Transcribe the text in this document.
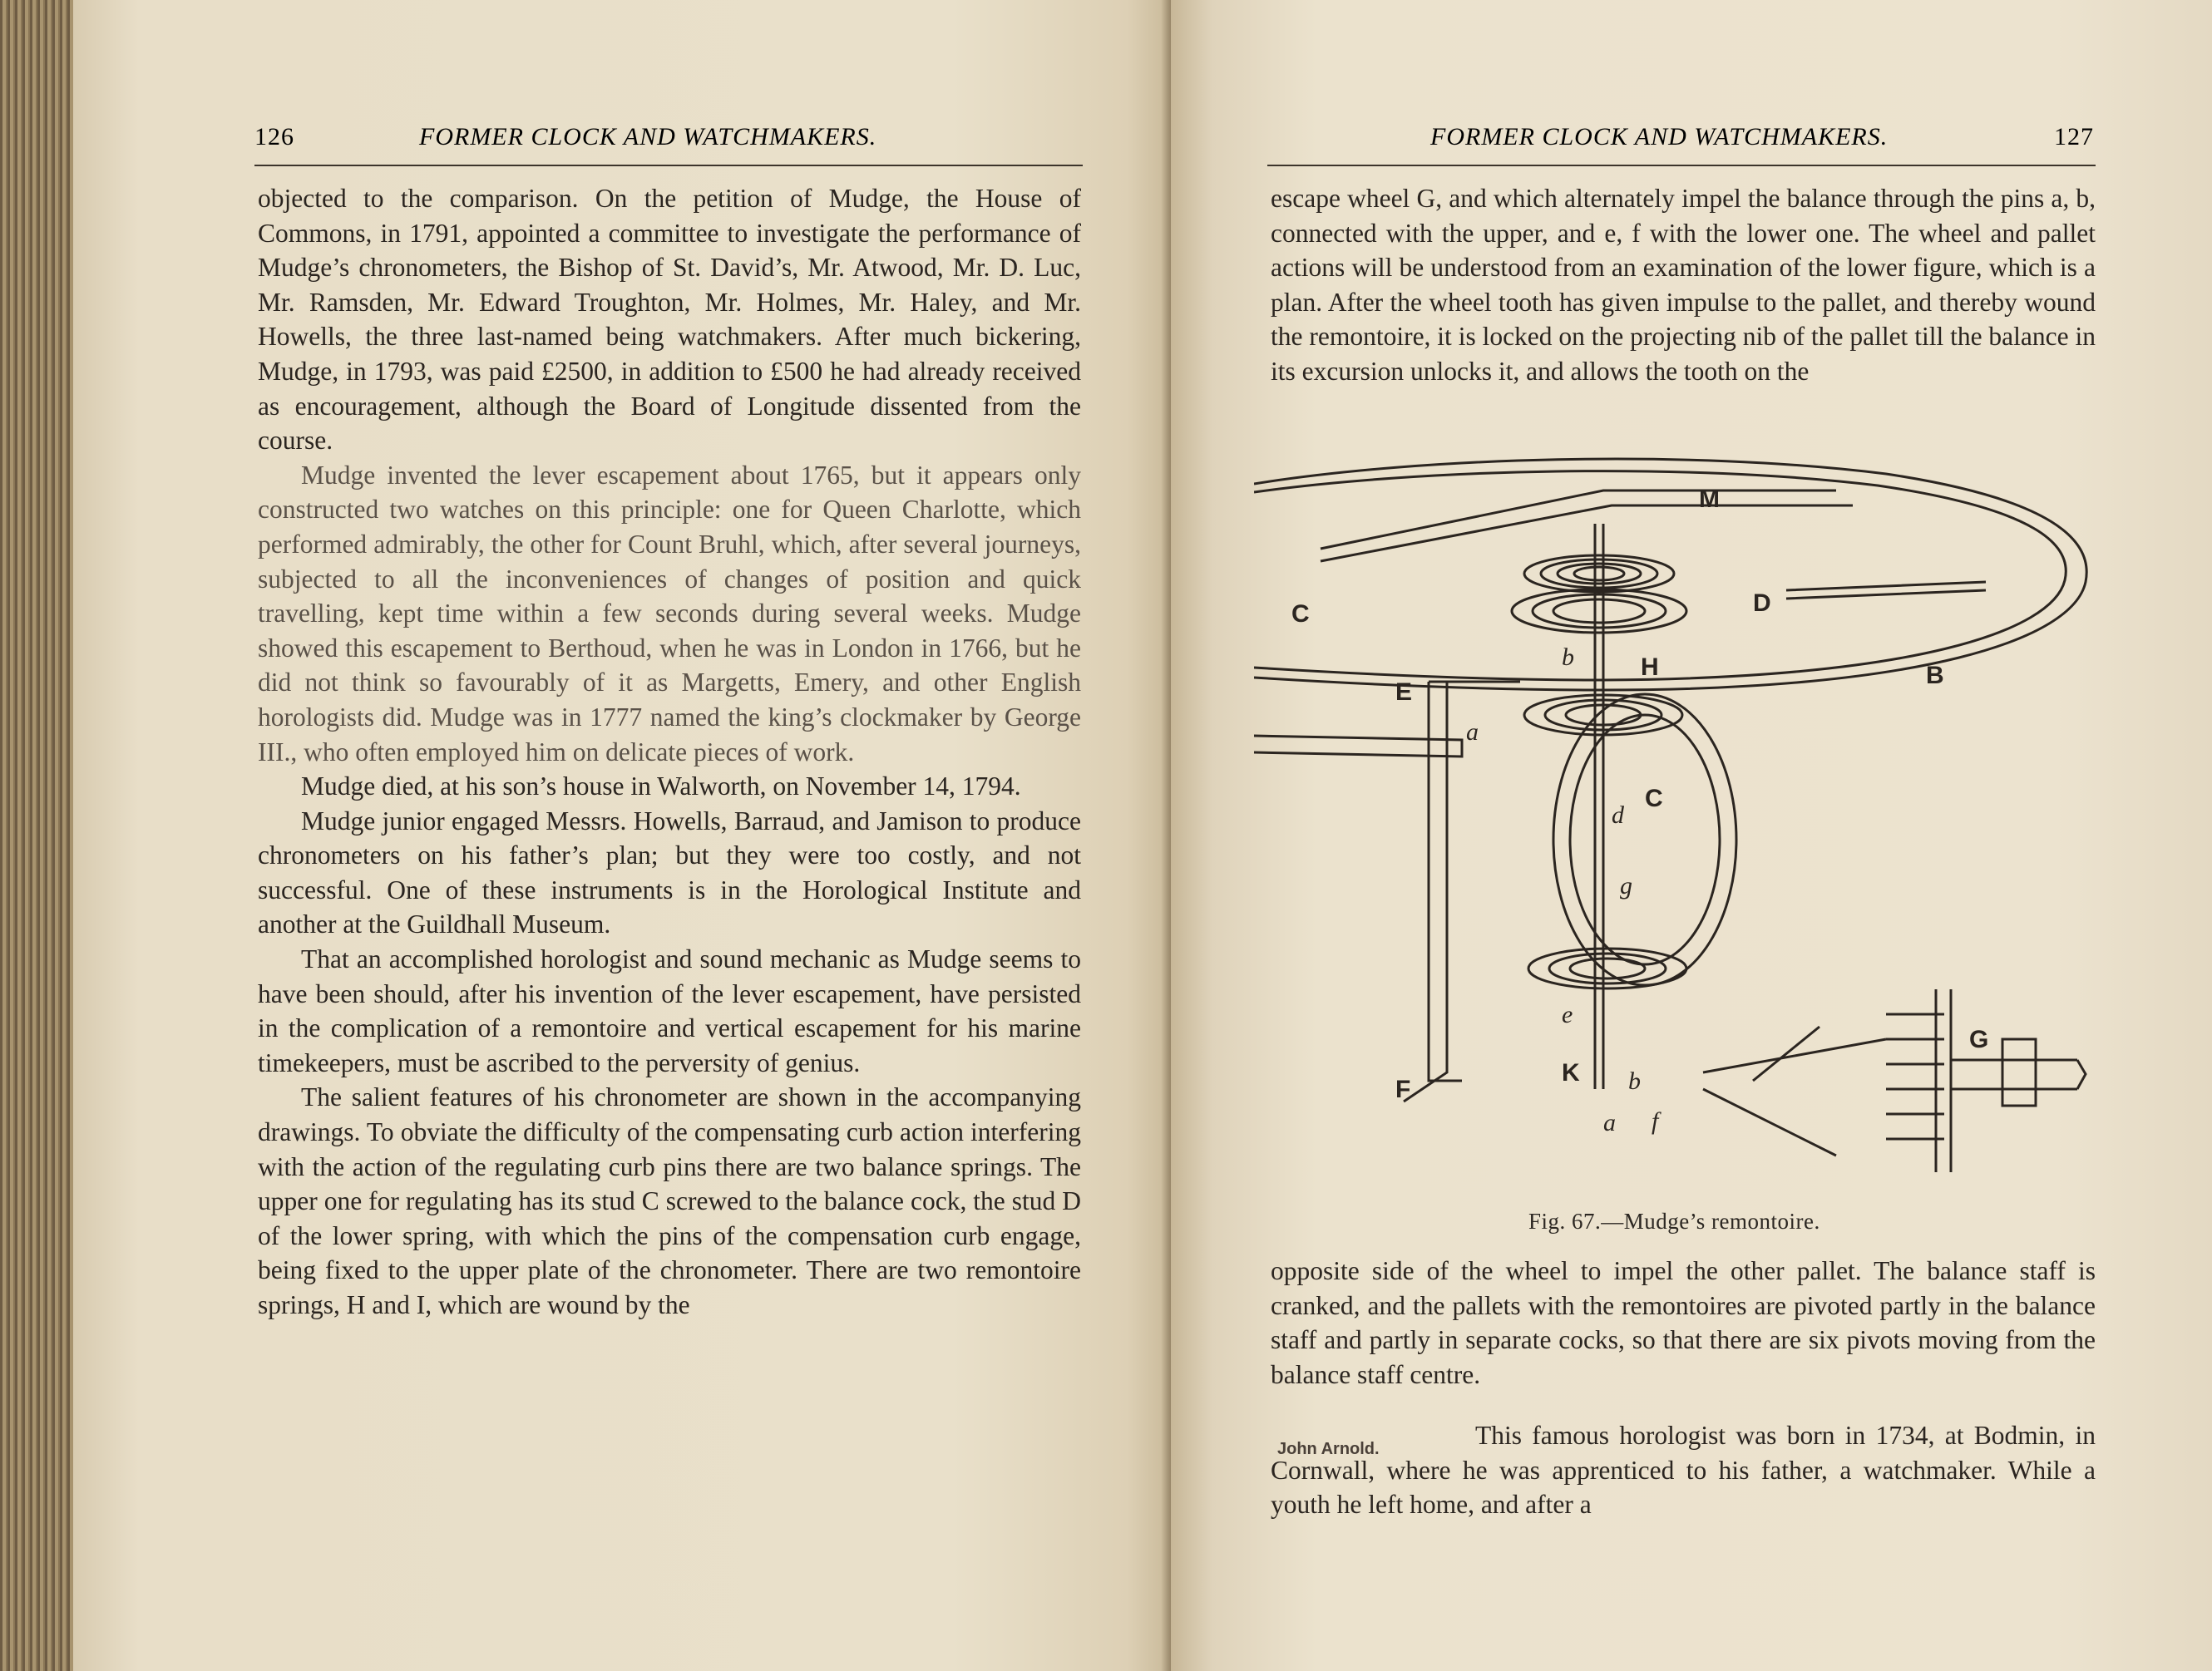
126	FORMER CLOCK AND WATCHMAKERS.

objected to the comparison. On the petition of Mudge, the House of Commons, in 1791, appointed a committee to investigate the performance of Mudge’s chronometers, the Bishop of St. David’s, Mr. Atwood, Mr. D. Luc, Mr. Ramsden, Mr. Edward Troughton, Mr. Holmes, Mr. Haley, and Mr. Howells, the three last-named being watchmakers. After much bickering, Mudge, in 1793, was paid £2500, in addition to £500 he had already received as encouragement, although the Board of Longitude dissented from the course.

Mudge invented the lever escapement about 1765, but it appears only constructed two watches on this principle: one for Queen Charlotte, which performed admirably, the other for Count Bruhl, which, after several journeys, subjected to all the inconveniences of changes of position and quick travelling, kept time within a few seconds during several weeks. Mudge showed this escapement to Berthoud, when he was in London in 1766, but he did not think so favourably of it as Margetts, Emery, and other English horologists did. Mudge was in 1777 named the king’s clockmaker by George III., who often employed him on delicate pieces of work.

Mudge died, at his son’s house in Walworth, on November 14, 1794.

Mudge junior engaged Messrs. Howells, Barraud, and Jamison to produce chronometers on his father’s plan; but they were too costly, and not successful. One of these instruments is in the Horological Institute and another at the Guildhall Museum.

That an accomplished horologist and sound mechanic as Mudge seems to have been should, after his invention of the lever escapement, have persisted in the complication of a remontoire and vertical escapement for his marine timekeepers, must be ascribed to the perversity of genius.

The salient features of his chronometer are shown in the accompanying drawings. To obviate the difficulty of the compensating curb action interfering with the action of the regulating curb pins there are two balance springs. The upper one for regulating has its stud C screwed to the balance cock, the stud D of the lower spring, with which the pins of the compensation curb engage, being fixed to the upper plate of the chronometer. There are two remontoire springs, H and I, which are wound by the

FORMER CLOCK AND WATCHMAKERS.	127

escape wheel G, and which alternately impel the balance through the pins a, b, connected with the upper, and e, f with the lower one. The wheel and pallet actions will be understood from an examination of the lower figure, which is a plan. After the wheel tooth has given impulse to the pallet, and thereby wound the remontoire, it is locked on the projecting nib of the pallet till the balance in its excursion unlocks it, and allows the tooth on the

M
C	D
B
E
H
b
a
C
d
g
e
K b
F
a f
G
Fig. 67.—Mudge’s remontoire.

opposite side of the wheel to impel the other pallet. The balance staff is cranked, and the pallets with the remontoires are pivoted partly in the balance staff and partly in separate cocks, so that there are six pivots moving from the balance staff centre.

John Arnold.	This famous horologist was born in 1734, at Bodmin, in Cornwall, where he was apprenticed to his father, a watchmaker. While a youth he left home, and after a
